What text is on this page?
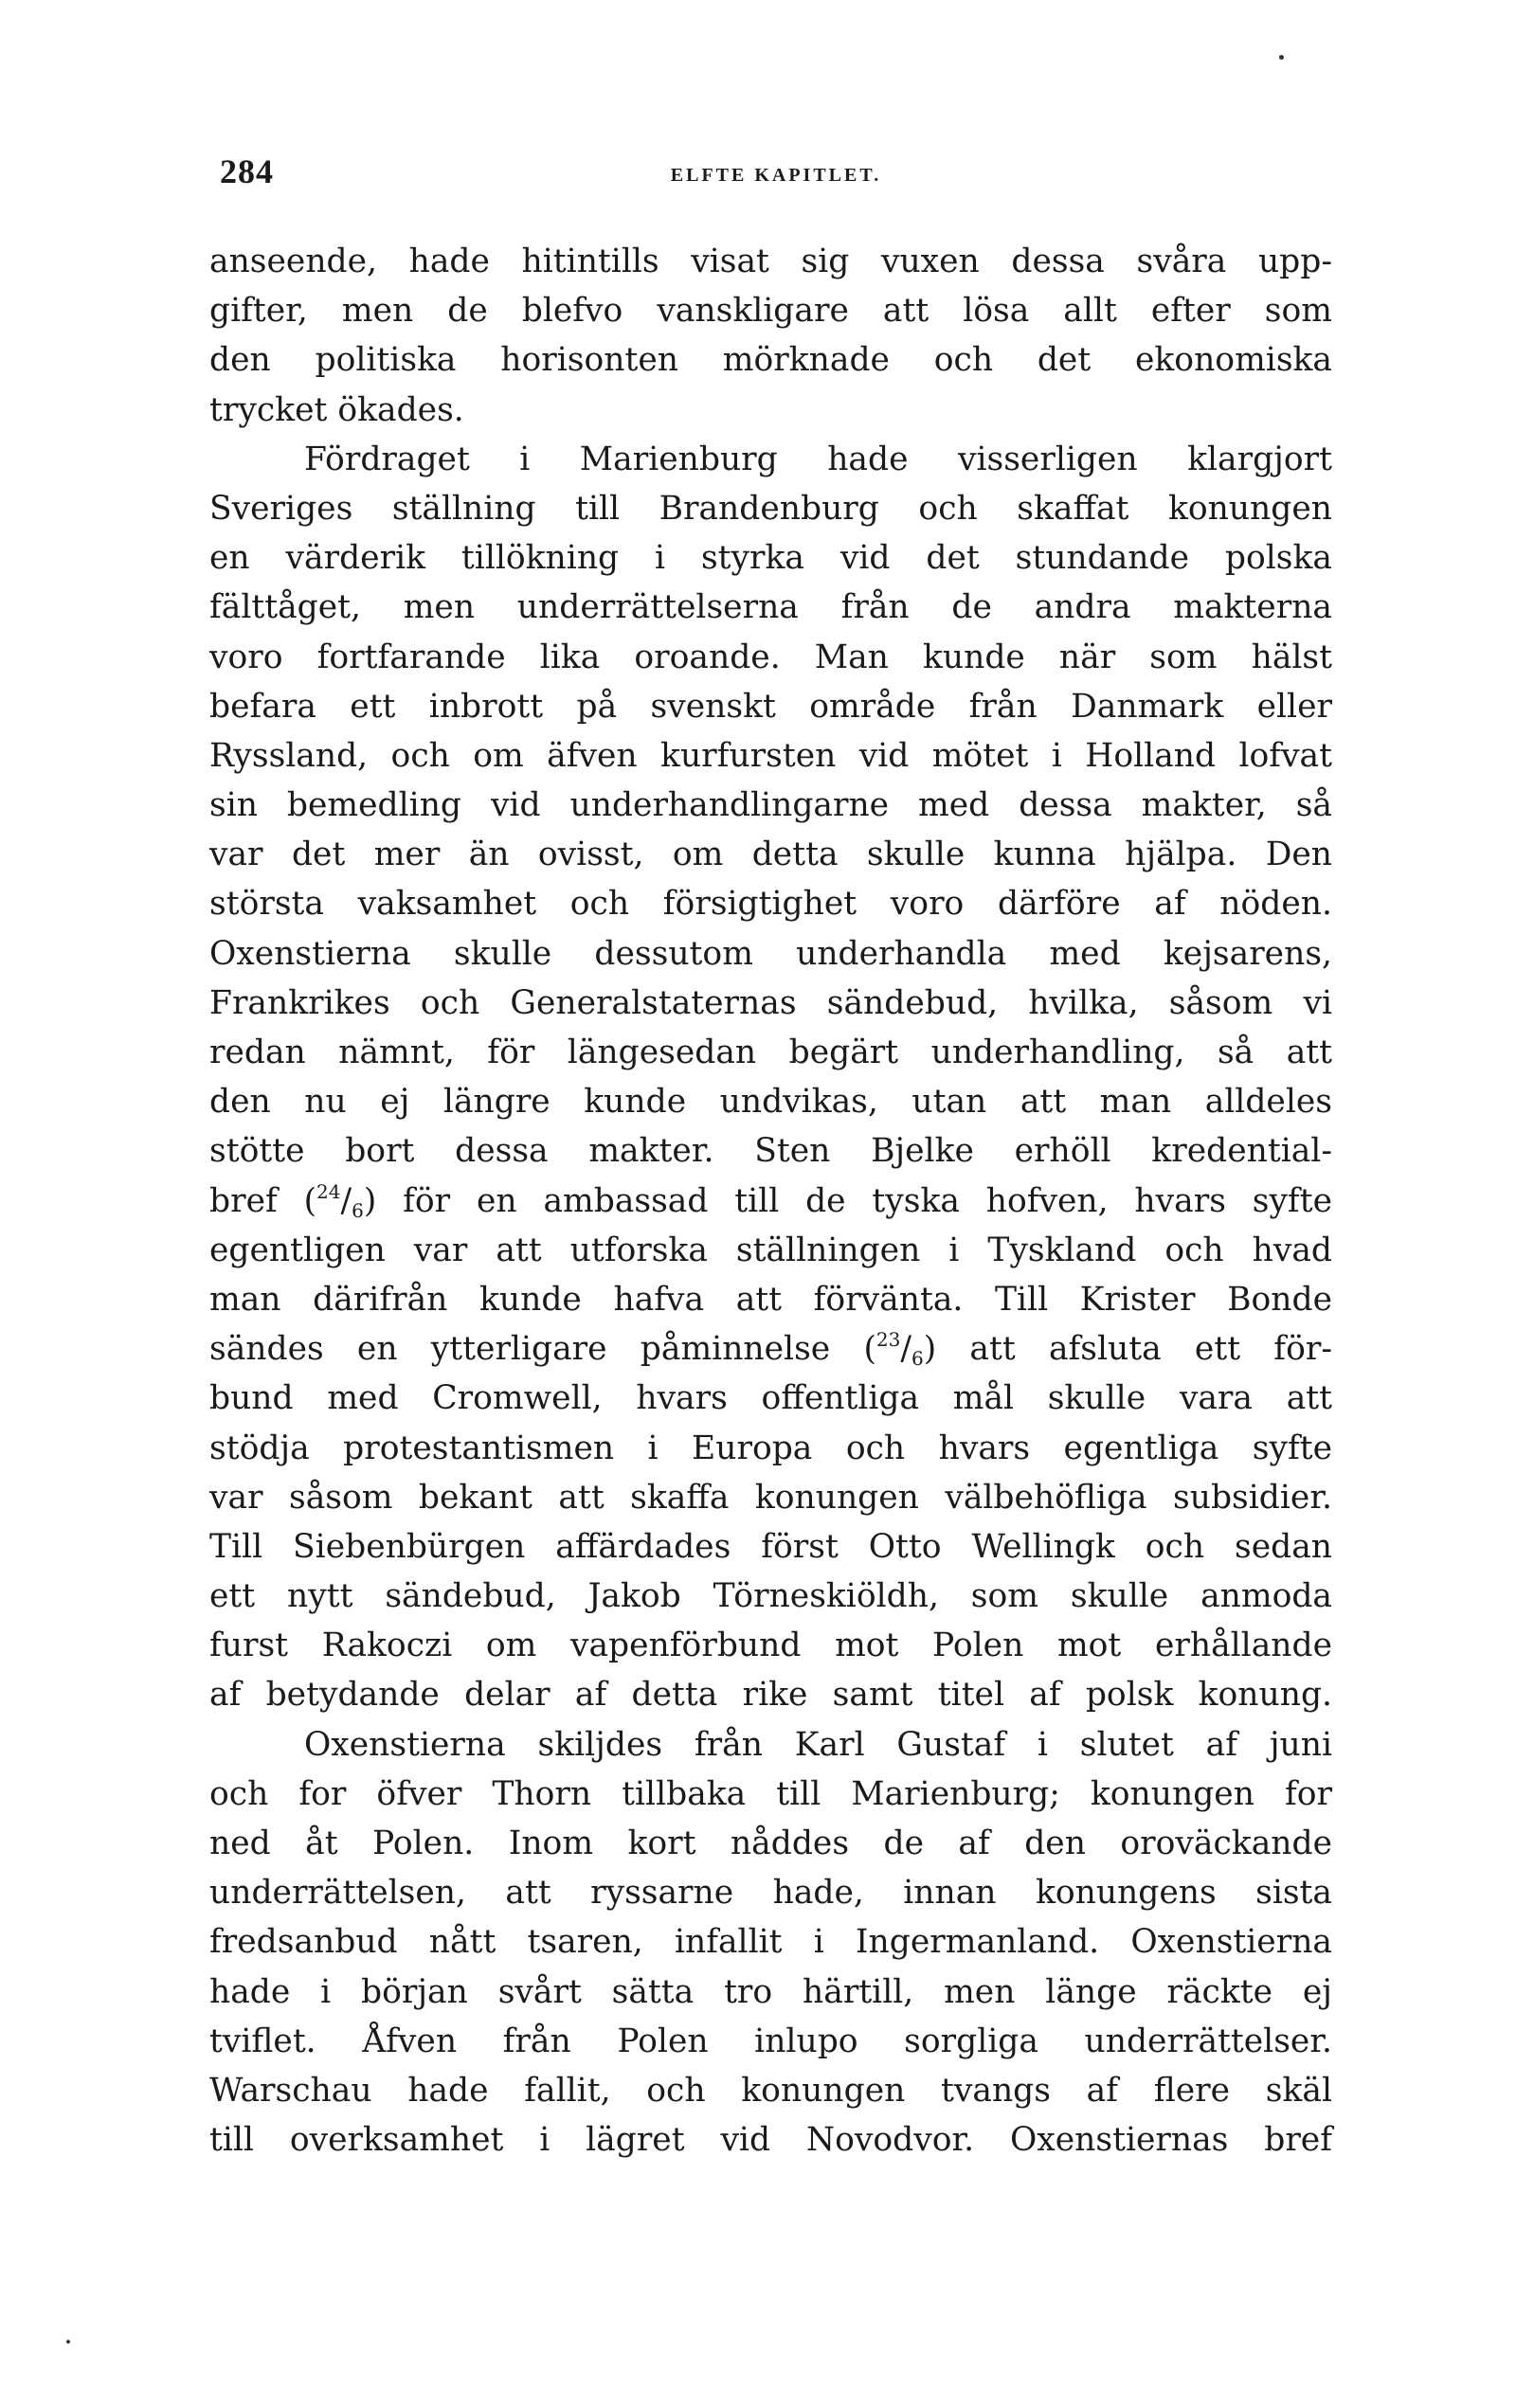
284	ELFTE KAPITLET.
anseende, hade hitintills visat sig vuxen dessa svåra upp-
gifter, men de blefvo vanskligare att lösa allt efter som
den politiska horisonten mörknade och det ekonomiska
trycket ökades.
Fördraget i Marienburg hade visserligen klargjort
Sveriges ställning till Brandenburg och skaffat konungen
en värderik tillökning i styrka vid det stundande polska
fälttåget, men underrättelserna från de andra makterna
voro fortfarande lika oroande. Man kunde när som hälst
befara ett inbrott på svenskt område från Danmark eller
Ryssland, och om äfven kurfursten vid mötet i Holland lofvat
sin bemedling vid underhandlingarne med dessa makter, så
var det mer än ovisst, om detta skulle kunna hjälpa. Den
största vaksamhet och försigtighet voro därföre af nöden.
Oxenstierna skulle dessutom underhandla med kejsarens,
Frankrikes och Generalstaternas sändebud, hvilka, såsom vi
redan nämnt, för längesedan begärt underhandling, så att
den nu ej längre kunde undvikas, utan att man alldeles
stötte bort dessa makter. Sten Bjelke erhöll kredential-
bref ($^{24}$/6) för en ambassad till de tyska hofven, hvars syfte
egentligen var att utforska ställningen i Tyskland och hvad
man därifrån kunde hafva att förvänta. Till Krister Bonde
sändes en ytterligare påminnelse ($^{23}$/6) att afsluta ett för-
bund med Cromwell, hvars offentliga mål skulle vara att
stödja protestantismen i Europa och hvars egentliga syfte
var såsom bekant att skaffa konungen välbehöfliga subsidier.
Till Siebenbürgen affärdades först Otto Wellingk och sedan
ett nytt sändebud, Jakob Törneskiöldh, som skulle anmoda
furst Rakoczi om vapenförbund mot Polen mot erhållande
af betydande delar af detta rike samt titel af polsk konung.
Oxenstierna skiljdes från Karl Gustaf i slutet af juni
och for öfver Thorn tillbaka till Marienburg; konungen for
ned åt Polen. Inom kort nåddes de af den oroväckande
underrättelsen, att ryssarne hade, innan konungens sista
fredsanbud nått tsaren, infallit i Ingermanland. Oxenstierna
hade i början svårt sätta tro härtill, men länge räckte ej
tviflet. Åfven från Polen inlupo sorgliga underrättelser.
Warschau hade fallit, och konungen tvangs af flere skäl
till overksamhet i lägret vid Novodvor. Oxenstiernas bref
